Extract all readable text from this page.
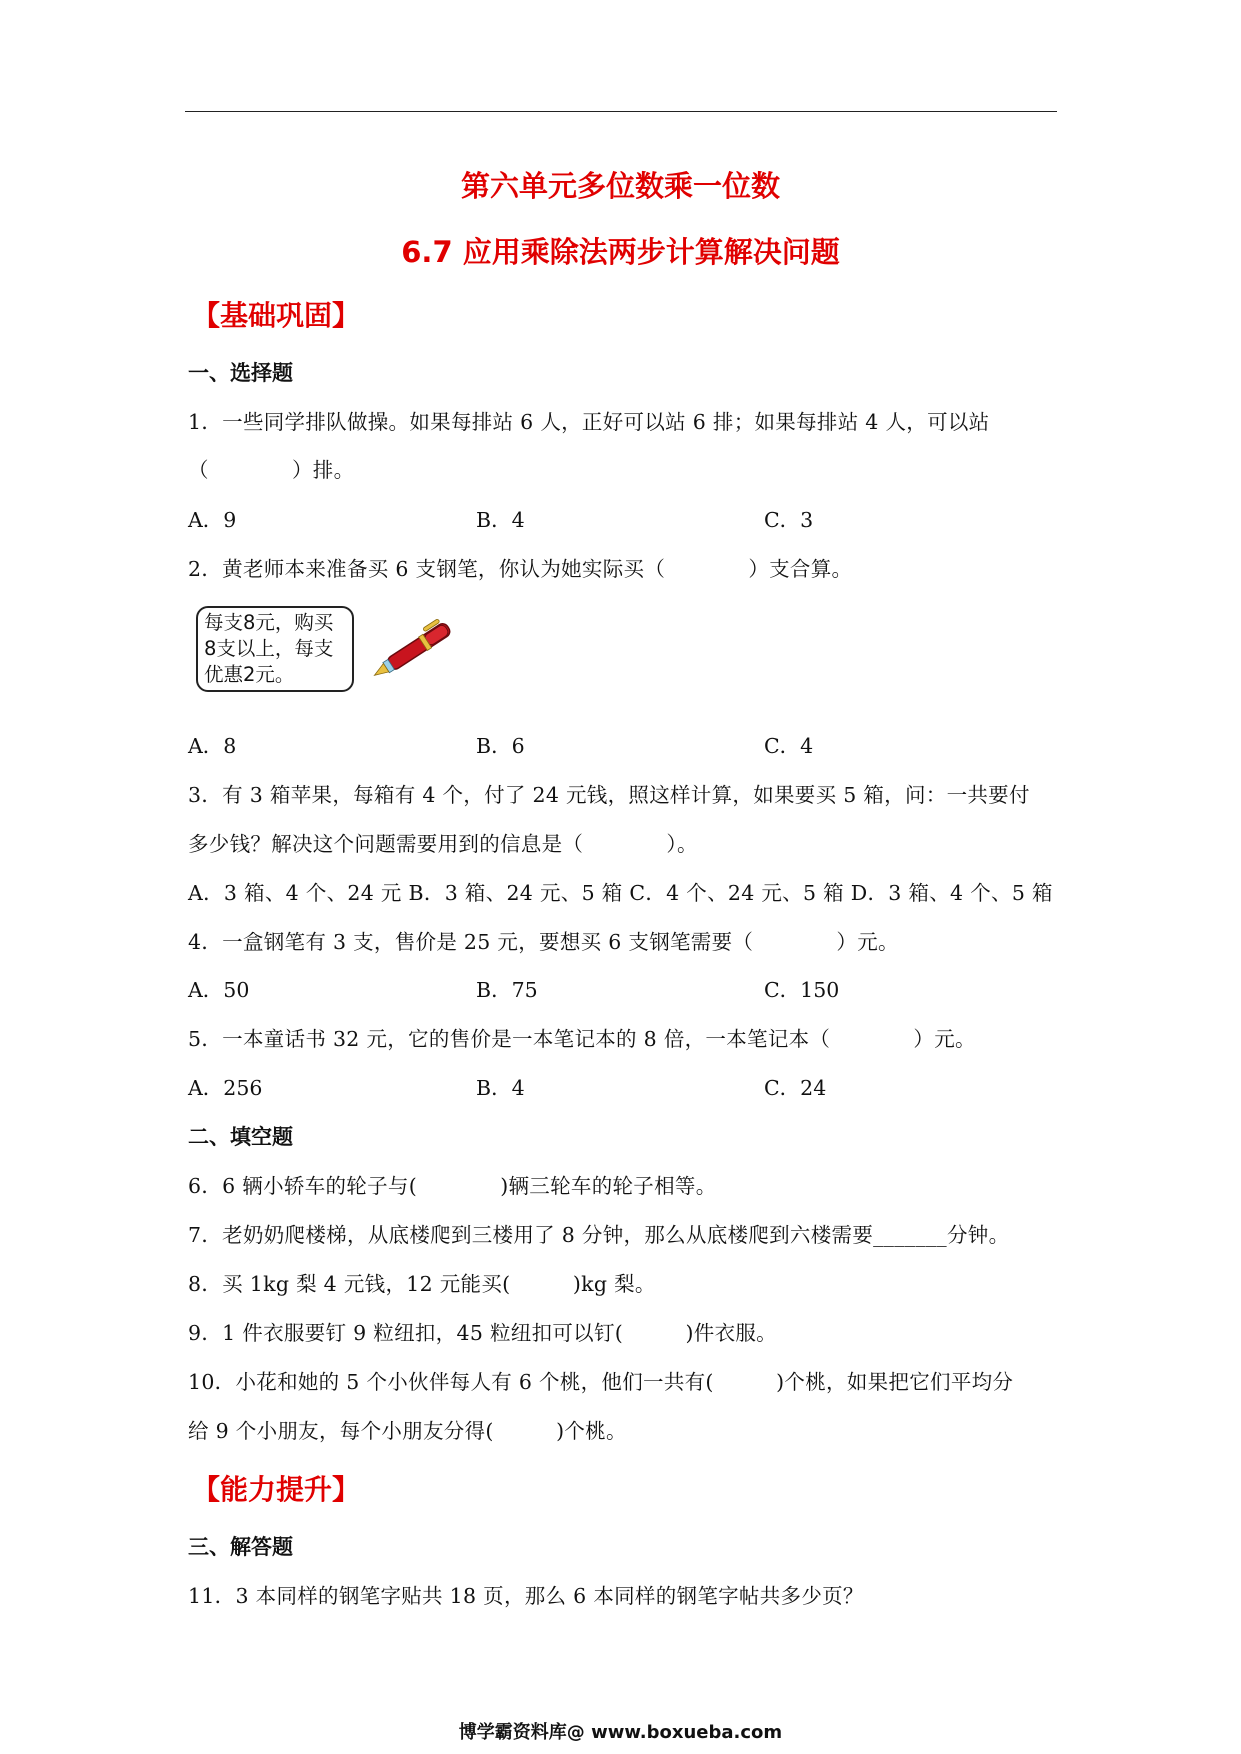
第六单元多位数乘一位数
6.7 应用乘除法两步计算解决问题
【基础巩固】
一、选择题
1．一些同学排队做操。如果每排站 6 人，正好可以站 6 排；如果每排站 4 人，可以站
（　　　　）排。
A．9	B．4	C．3
2．黄老师本来准备买 6 支钢笔，你认为她实际买（　　　　）支合算。
每支8元，购买
8支以上，每支
优惠2元。
A．8	B．6	C．4
3．有 3 箱苹果，每箱有 4 个，付了 24 元钱，照这样计算，如果要买 5 箱，问：一共要付
多少钱？解决这个问题需要用到的信息是（　　　　）。
A．3 箱、4 个、24 元 B．3 箱、24 元、5 箱 C．4 个、24 元、5 箱 D．3 箱、4 个、5 箱
4．一盒钢笔有 3 支，售价是 25 元，要想买 6 支钢笔需要（　　　　）元。
A．50	B．75	C．150
5．一本童话书 32 元，它的售价是一本笔记本的 8 倍，一本笔记本（　　　　）元。
A．256	B．4	C．24
二、填空题
6．6 辆小轿车的轮子与(　　　　)辆三轮车的轮子相等。
7．老奶奶爬楼梯，从底楼爬到三楼用了 8 分钟，那么从底楼爬到六楼需要_______分钟。
8．买 1kg 梨 4 元钱，12 元能买(　　　)kg 梨。
9．1 件衣服要钉 9 粒纽扣，45 粒纽扣可以钉(　　　)件衣服。
10．小花和她的 5 个小伙伴每人有 6 个桃，他们一共有(　　　)个桃，如果把它们平均分
给 9 个小朋友，每个小朋友分得(　　　)个桃。
【能力提升】
三、解答题
11．3 本同样的钢笔字贴共 18 页，那么 6 本同样的钢笔字帖共多少页？
博学霸资料库@ www.boxueba.com
